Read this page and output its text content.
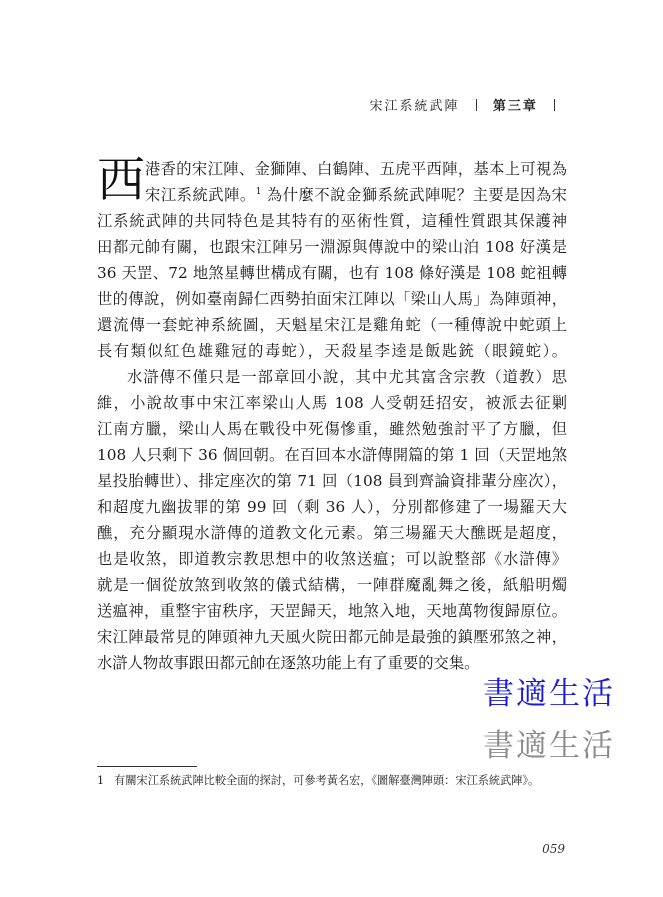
宋江系統武陣	第三章
西 港香的宋江陣、金獅陣、白鶴陣、五虎平西陣，基本上可視為
宋江系統武陣。$^1$ 為什麼不說金獅系統武陣呢？主要是因為宋
江系統武陣的共同特色是其特有的巫術性質，這種性質跟其保護神
田都元帥有關，也跟宋江陣另一淵源與傳說中的梁山泊 108 好漢是
36 天罡、72 地煞星轉世構成有關，也有 108 條好漢是 108 蛇祖轉
世的傳說，例如臺南歸仁西勢拍面宋江陣以「梁山人馬」為陣頭神，
還流傳一套蛇神系統圖，天魁星宋江是雞角蛇（一種傳說中蛇頭上
長有類似紅色雄雞冠的毒蛇），天殺星李逵是飯匙銃（眼鏡蛇）。
水滸傳不僅只是一部章回小說，其中尤其富含宗教（道教）思
維，小說故事中宋江率梁山人馬 108 人受朝廷招安，被派去征剿
江南方臘，梁山人馬在戰役中死傷慘重，雖然勉強討平了方臘，但
108 人只剩下 36 個回朝。在百回本水滸傳開篇的第 1 回（天罡地煞
星投胎轉世）、排定座次的第 71 回（108 員到齊論資排輩分座次），
和超度九幽拔罪的第 99 回（剩 36 人），分別都修建了一場羅天大
醮，充分顯現水滸傳的道教文化元素。第三場羅天大醮既是超度，
也是收煞，即道教宗教思想中的收煞送瘟；可以說整部《水滸傳》
就是一個從放煞到收煞的儀式結構，一陣群魔亂舞之後，紙船明燭
送瘟神，重整宇宙秩序，天罡歸天，地煞入地，天地萬物復歸原位。
宋江陣最常見的陣頭神九天風火院田都元帥是最強的鎮壓邪煞之神，
水滸人物故事跟田都元帥在逐煞功能上有了重要的交集。
書適生活
書適生活
1 有關宋江系統武陣比較全面的探討，可參考黃名宏，《圖解臺灣陣頭：宋江系統武陣》。
059
